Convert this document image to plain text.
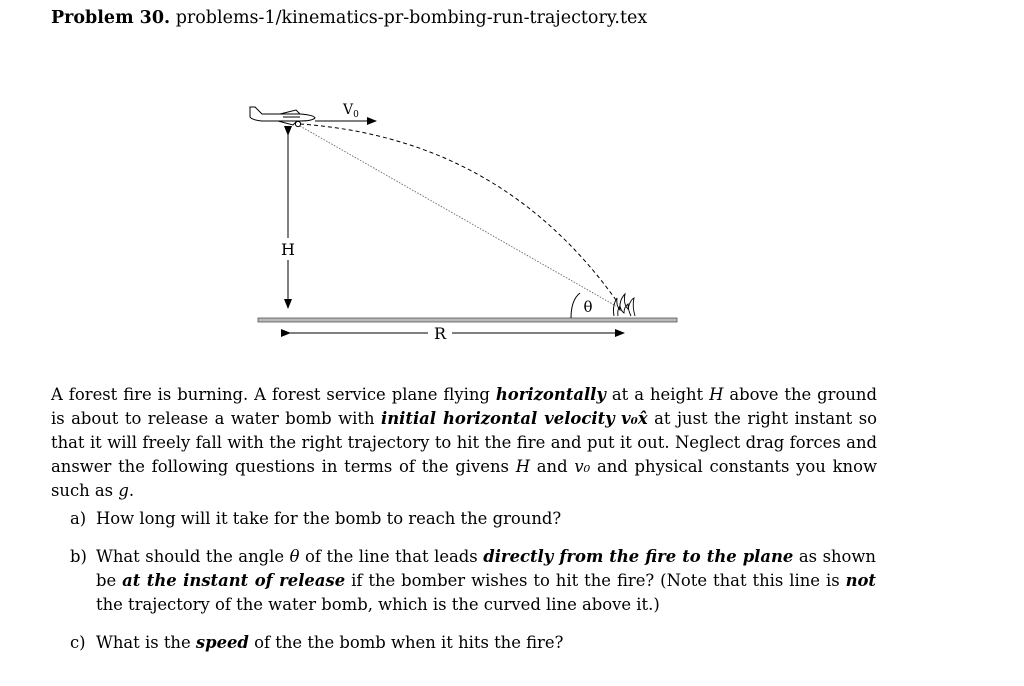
Problem 30. problems-1/kinematics-pr-bombing-run-trajectory.tex
$V_0$
H
R
θ
A forest fire is burning. A forest service plane flying horizontally at a height H above the ground is about to release a water bomb with initial horizontal velocity v₀x̂ at just the right instant so that it will freely fall with the right trajectory to hit the fire and put it out. Neglect drag forces and answer the following questions in terms of the givens H and v₀ and physical constants you know such as g.
a) How long will it take for the bomb to reach the ground?
b) What should the angle θ of the line that leads directly from the fire to the plane as shown be at the instant of release if the bomber wishes to hit the fire? (Note that this line is not the trajectory of the water bomb, which is the curved line above it.)
c) What is the speed of the the bomb when it hits the fire?
